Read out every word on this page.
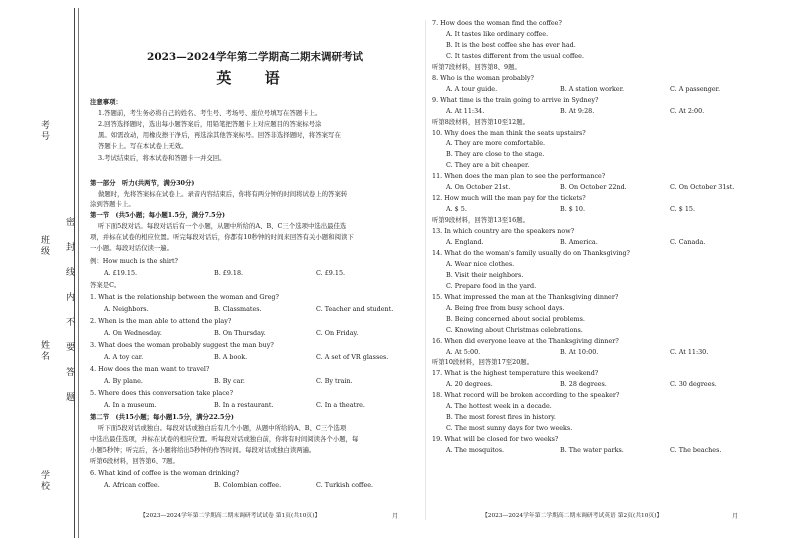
考号
班级
姓名
学校
密
封
线
内
不
要
答
题
2023—2024学年第二学期高二期末调研考试
英 语
注意事项：
1.答题前，考生务必将自己的姓名、考生号、考场号、座位号填写在答题卡上。
2.回答选择题时，选出每小题答案后，用铅笔把答题卡上对应题目的答案标号涂
黑。如需改动，用橡皮擦干净后，再选涂其他答案标号。回答非选择题时，将答案写在
答题卡上。写在本试卷上无效。
3.考试结束后，将本试卷和答题卡一并交回。
第一部分　听力(共两节，满分30分)
做题时，先将答案标在试卷上。录音内容结束后，你将有两分钟的时间将试卷上的答案转
涂到答题卡上。
第一节　(共5小题；每小题1.5分，满分7.5分)
听下面5段对话。每段对话后有一个小题，从题中所给的A、B、C三个选项中选出最佳选
项，并标在试卷的相应位置。听完每段对话后，你都有10秒钟的时间来回答有关小题和阅读下
一小题。每段对话仅读一遍。
例：How much is the shirt?
A. £19.15.	B. £9.18.	C. £9.15.
答案是C。
1. What is the relationship between the woman and Greg?
A. Neighbors.	B. Classmates.	C. Teacher and student.
2. When is the man able to attend the play?
A. On Wednesday.	B. On Thursday.	C. On Friday.
3. What does the woman probably suggest the man buy?
A. A toy car.	B. A book.	C. A set of VR glasses.
4. How does the man want to travel?
A. By plane.	B. By car.	C. By train.
5. Where does this conversation take place?
A. In a museum.	B. In a restaurant.	C. In a theatre.
第二节　(共15小题；每小题1.5分，满分22.5分)
听下面5段对话或独白。每段对话或独白后有几个小题，从题中所给的A、B、C三个选项
中选出最佳选项，并标在试卷的相应位置。听每段对话或独白前，你将有时间阅读各个小题，每
小题5秒钟；听完后，各小题将给出5秒钟的作答时间。每段对话或独白读两遍。
听第6段材料，回答第6、7题。
6. What kind of coffee is the woman drinking?
A. African coffee.	B. Colombian coffee.	C. Turkish coffee.
【2023—2024学年第二学期高二期末调研考试试卷 第1页(共10页)】	月	【2023—2024学年第二学期高二期末调研考试英语 第2页(共10页)】	月
7. How does the woman find the coffee?
A. It tastes like ordinary coffee.
B. It is the best coffee she has ever had.
C. It tastes different from the usual coffee.
听第7段材料，回答第8、9题。
8. Who is the woman probably?
A. A tour guide.	B. A station worker.	C. A passenger.
9. What time is the train going to arrive in Sydney?
A. At 11:34.	B. At 9:28.	C. At 2:00.
听第8段材料，回答第10至12题。
10. Why does the man think the seats upstairs?
A. They are more comfortable.
B. They are close to the stage.
C. They are a bit cheaper.
11. When does the man plan to see the performance?
A. On October 21st.	B. On October 22nd.	C. On October 31st.
12. How much will the man pay for the tickets?
A. $ 5.	B. $ 10.	C. $ 15.
听第9段材料，回答第13至16题。
13. In which country are the speakers now?
A. England.	B. America.	C. Canada.
14. What do the woman's family usually do on Thanksgiving?
A. Wear nice clothes.
B. Visit their neighbors.
C. Prepare food in the yard.
15. What impressed the man at the Thanksgiving dinner?
A. Being free from busy school days.
B. Being concerned about social problems.
C. Knowing about Christmas celebrations.
16. When did everyone leave at the Thanksgiving dinner?
A. At 5:00.	B. At 10:00.	C. At 11:30.
听第10段材料，回答第17至20题。
17. What is the highest temperature this weekend?
A. 20 degrees.	B. 28 degrees.	C. 30 degrees.
18. What record will be broken according to the speaker?
A. The hottest week in a decade.
B. The most forest fires in history.
C. The most sunny days for two weeks.
19. What will be closed for two weeks?
A. The mosquitos.	B. The water parks.	C. The beaches.
